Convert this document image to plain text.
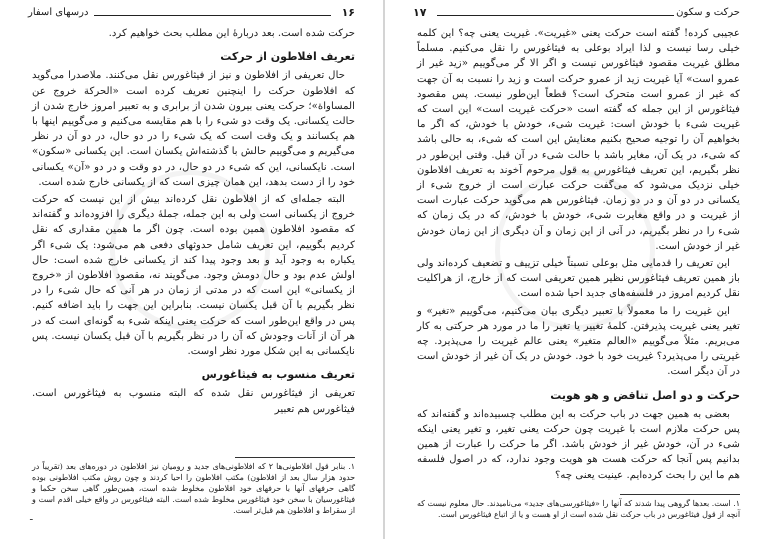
۱۶
درسهای اسفار

حرکت شده است. بعد دربارهٔ این مطلب بحث خواهیم کرد.

تعریف افلاطون از حرکت

حال تعریفی از افلاطون و نیز از فیثاغورس نقل می‌کنند. ملاصدرا می‌گوید که افلاطون حرکت را اینچنین تعریف کرده است «الحرکة خروج عن المساواة»؛ حرکت یعنی بیرون شدن از برابری و به تعبیر امروز خارج شدن از حالت یکسانی. یک وقت دو شیء را با هم مقایسه می‌کنیم و می‌گوییم اینها با هم یکسانند و یک وقت است که یک شیء را در دو حال، در دو آن در نظر می‌گیریم و می‌گوییم حالش با گذشته‌اش یکسان است. این یکسانی «سکون» است. نایکسانی، این که شیء در دو حال، در دو وقت و در دو «آن» یکسانی خود را از دست بدهد، این همان چیزی است که از یکسانی خارج شده است.

البته جمله‌ای که از افلاطون نقل کرده‌اند بیش از این نیست که حرکت خروج از یکسانی است ولی به این جمله، جملهٔ دیگری را افزوده‌اند و گفته‌اند که مقصود افلاطون همین بوده است. چون اگر ما همین مقداری که نقل کردیم بگوییم، این تعریف شامل حدوثهای دفعی هم می‌شود: یک شیء اگر یکباره به وجود آید و بعد وجود پیدا کند از یکسانی خارج شده است: حال اولش عدم بود و حال دومش وجود. می‌گویند نه، مقصود افلاطون از «خروج از یکسانی» این است که در مدتی از زمان در هر آنی که حال شیء را در نظر بگیریم با آن قبل یکسان نیست. بنابراین این جهت را باید اضافه کنیم. پس در واقع این‌طور است که حرکت یعنی اینکه شیء به گونه‌ای است که در هر آن از آنات وجودش که آن را در نظر بگیریم با آن قبل یکسان نیست. پس نایکسانی به این شکل مورد نظر اوست.

تعریف منسوب به فیثاغورس

تعریفی از فیثاغورس نقل شده که البته منسوب به فیثاغورس است. فیثاغورس هم تعبیر

۱. بنابر قول افلاطونی‌ها ۲ که افلاطونی‌های جدید و رومیان نیز افلاطون در دوره‌های بعد (تقریباً در حدود هزار سال بعد از افلاطون) مکتب افلاطون را احیا کردند و چون روش مکتب افلاطونی بوده گاهی حرفهای آنها با حرفهای خود افلاطون مخلوط شده است، همین‌طور گاهی سخن حکما و فیثاغورسیان با سخن خود فیثاغورس مخلوط شده است. البته فیثاغورس در واقع خیلی اقدم است و از سقراط و افلاطون هم قبل‌تر است.
ـ
۱۷	حرکت و سکون

عجیبی کرده! گفته است حرکت یعنی «غیریت». غیریت یعنی چه؟ این کلمه خیلی رسا نیست و لذا ایراد بوعلی به فیثاغورس را نقل می‌کنیم. مسلماً مطلق غیریت مقصود فیثاغورس نیست و اگر الا گر می‌گوییم «زید غیر از عمرو است» آیا غیریت زید از عمرو حرکت است و زید را نسبت به آن جهت که غیر از عمرو است متحرک است؟ قطعاً این‌طور نیست. پس مقصود فیثاغورس از این جمله که گفته است «حرکت غیریت است» این است که غیریت شیء با خودش است: غیریت شیء، خودش با خودش، که اگر ما بخواهیم آن را توجیه صحیح بکنیم معنایش این است که شیء، به حالی باشد که شیء، در یک آن، مغایر باشد با حالت شیء در آن قبل. وقتی این‌طور در نظر بگیریم، این تعریف فیثاغورس به قول مرحوم آخوند به تعریف افلاطون خیلی نزدیک می‌شود که می‌گفت حرکت عبارت است از خروج شیء از یکسانی در دو آن و در دو زمان. فیثاغورس هم می‌گوید حرکت عبارت است از غیریت و در واقع مغایرت شیء، خودش با خودش، که در یک زمان که شیء را در نظر بگیریم، در آنی از این زمان و آن دیگری از این زمان خودش غیر از خودش است.

این تعریف را قدمایی مثل بوعلی نسبتاً خیلی تزییف و تضعیف کرده‌اند ولی باز همین تعریف فیثاغورس نظیر همین تعریفی است که از خارج، از هراکلیت نقل کردیم امروز در فلسفه‌های جدید احیا شده است.

این غیریت را ما معمولاً با تعبیر دیگری بیان می‌کنیم، می‌گوییم «تغیر» و تغیر یعنی غیریت پذیرفتن. کلمهٔ تغییر یا تغیر را ما در مورد هر حرکتی به کار می‌بریم. مثلاً می‌گوییم «العالم متغیر» یعنی عالم غیریت را می‌پذیرد. چه غیریتی را می‌پذیرد؟ غیریت خود با خود. خودش در یک آن غیر از خودش است در آن دیگر است.

حرکت و دو اصل تناقض و هو هویت

بعضی به همین جهت در باب حرکت به این مطلب چسبیده‌اند و گفته‌اند که پس حرکت ملازم است با غیریت چون حرکت یعنی تغیر، و تغیر یعنی اینکه شیء در آن، خودش غیر از خودش باشد. اگر ما حرکت را عبارت از همین بدانیم پس آنجا که حرکت هست هو هویت وجود ندارد، که در اصول فلسفه هم ما این را بحث کرده‌ایم. عینیت یعنی چه؟

۱. است. بعدها گروهی پیدا شدند که آنها را «فیثاغورسی‌های جدید» می‌نامیدند. حال معلوم نیست که آنچه از قول فیثاغورس در باب حرکت نقل شده است از او هست و یا از اتباع فیثاغورس است.
